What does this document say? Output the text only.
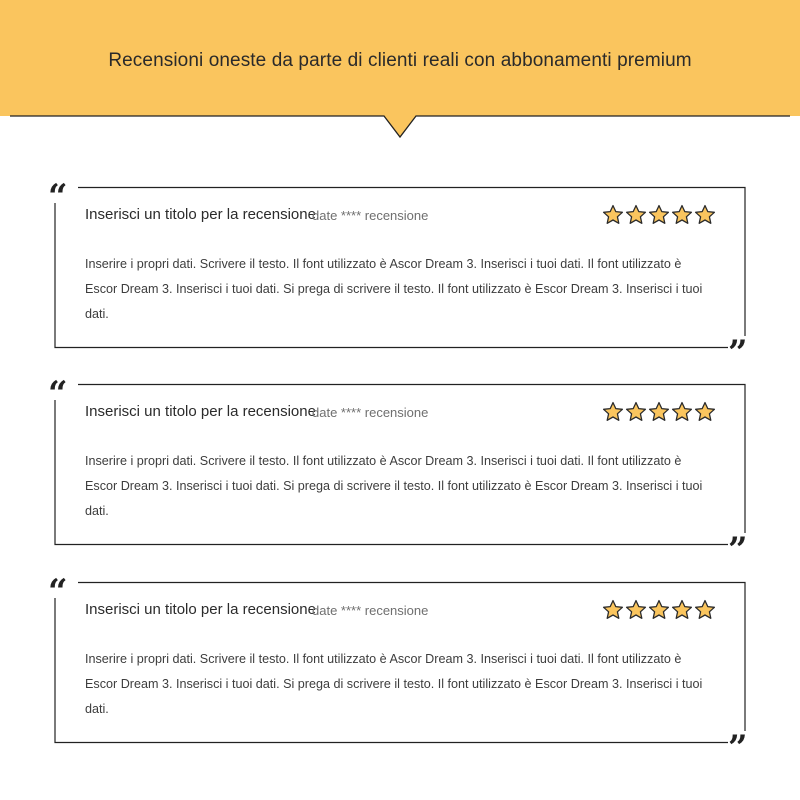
Recensioni oneste da parte di clienti reali con abbonamenti premium
“
”
Inserisci un titolo per la recensione
date **** recensione
Inserire i propri dati. Scrivere il testo. Il font utilizzato è Ascor Dream 3. Inserisci i tuoi dati. Il font utilizzato è Escor Dream 3. Inserisci i tuoi dati. Si prega di scrivere il testo. Il font utilizzato è Escor Dream 3. Inserisci i tuoi dati.
“
”
Inserisci un titolo per la recensione
date **** recensione
Inserire i propri dati. Scrivere il testo. Il font utilizzato è Ascor Dream 3. Inserisci i tuoi dati. Il font utilizzato è Escor Dream 3. Inserisci i tuoi dati. Si prega di scrivere il testo. Il font utilizzato è Escor Dream 3. Inserisci i tuoi dati.
“
”
Inserisci un titolo per la recensione
date **** recensione
Inserire i propri dati. Scrivere il testo. Il font utilizzato è Ascor Dream 3. Inserisci i tuoi dati. Il font utilizzato è Escor Dream 3. Inserisci i tuoi dati. Si prega di scrivere il testo. Il font utilizzato è Escor Dream 3. Inserisci i tuoi dati.
